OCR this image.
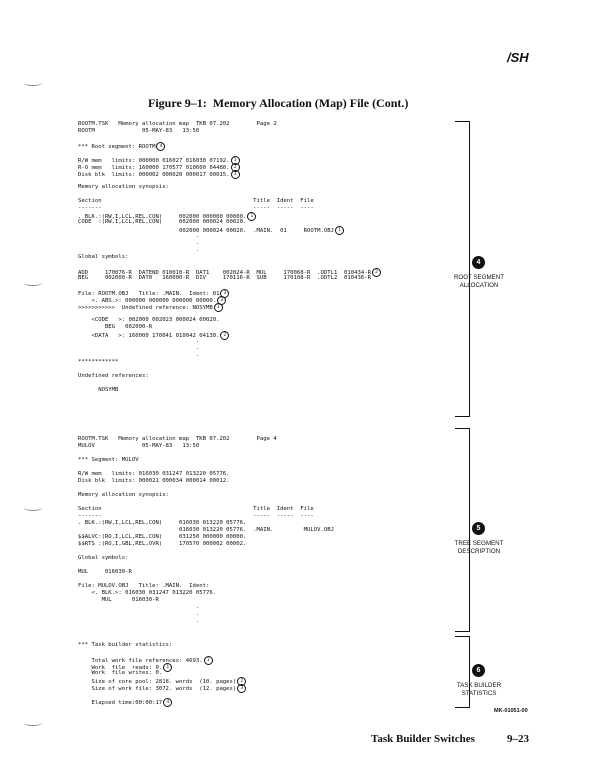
/SH
Figure 9–1:  Memory Allocation (Map) File (Cont.)
ROOTM.TSK   Memory allocation map  TKB 07.202        Page 2
ROOTM              05-MAY-83   13:50
*** Root segment: ROOTM 4
R/W mem   limits: 000000 016027 016030 07192. 1
R-O mem   limits: 160000 170577 010600 04480. 2
Disk blk  limits: 000002 000020 000017 00015. 3
Memory allocation synopsis:
Section                                             Title  Ident  File
-------                                             -----  -----  ----
. BLK.:(RW,I,LCL,REL,CON)     002000 000000 00000. 1
CODE  :(RW,I,LCL,REL,CON)     002000 000024 00020.
002000 000024 00020.  .MAIN.  01     ROOTM.OBJ 1
.
.
.
Global symbols:
ADD     170076-R  DATEND 010010-R  DAT1    002024-R  MUL     170068-R  .ODTL1  010434-R 2
BEG     002000-R  DAT0   160000-R  DIV     170116-R  SUB     170108-R  .ODTL2  010436-R
File: ROOTM.OBJ   Title: .MAIN.  Ident: 01 3
<. ABS.>: 000000 000000 000000 00000. 3
>>>>>>>>>>>  Undefined reference: NOSYMB 1
<CODE   >: 002000 002023 000024 00020.
BEG   002000-R
<DATA   >: 160000 170041 010042 04130. 2
.
.
.
************
Undefined references:
NOSYMB
ROOTM.TSK   Memory allocation map  TKB 07.202        Page 4
MULOV              05-MAY-83   13:50
*** Segment: MULOV
R/W mem   limits: 016030 031247 013220 05776.
Disk blk  limits: 000021 000034 000014 00012.
Memory allocation synopsis:
Section                                             Title  Ident  File
-------                                             -----  -----  ----
. BLK.:(RW,I,LCL,REL,CON)     016030 013220 05776.
016030 013220 05776.  .MAIN.         MULOV.OBJ
$$ALVC:(RO,I,LCL,REL,CON)     031250 000000 00000.
$$RTS :(RO,I,GBL,REL,OVR)     170570 000002 00002.
Global symbols:
MUL     016030-R
File: MULOV.OBJ   Title: .MAIN.  Ident:
<. BLK.>: 016030 031247 013220 05776.
MUL      016030-R
.
.
.
*** Task builder statistics:
Total work file references: 4693. 1
Work  file  reads: 0. 1
Work  file writes: 0.
Size of core pool: 2818. words  (10. pages) 2
Size of work file: 3072. words  (12. pages) 3
Elapsed time:00:00:17 4
4
ROOT SEGMENT
ALLOCATION
5
TREE SEGMENT
DESCRIPTION
6
TASK BUILDER
STATISTICS
MK-01051-00
Task Builder Switches	9–23
